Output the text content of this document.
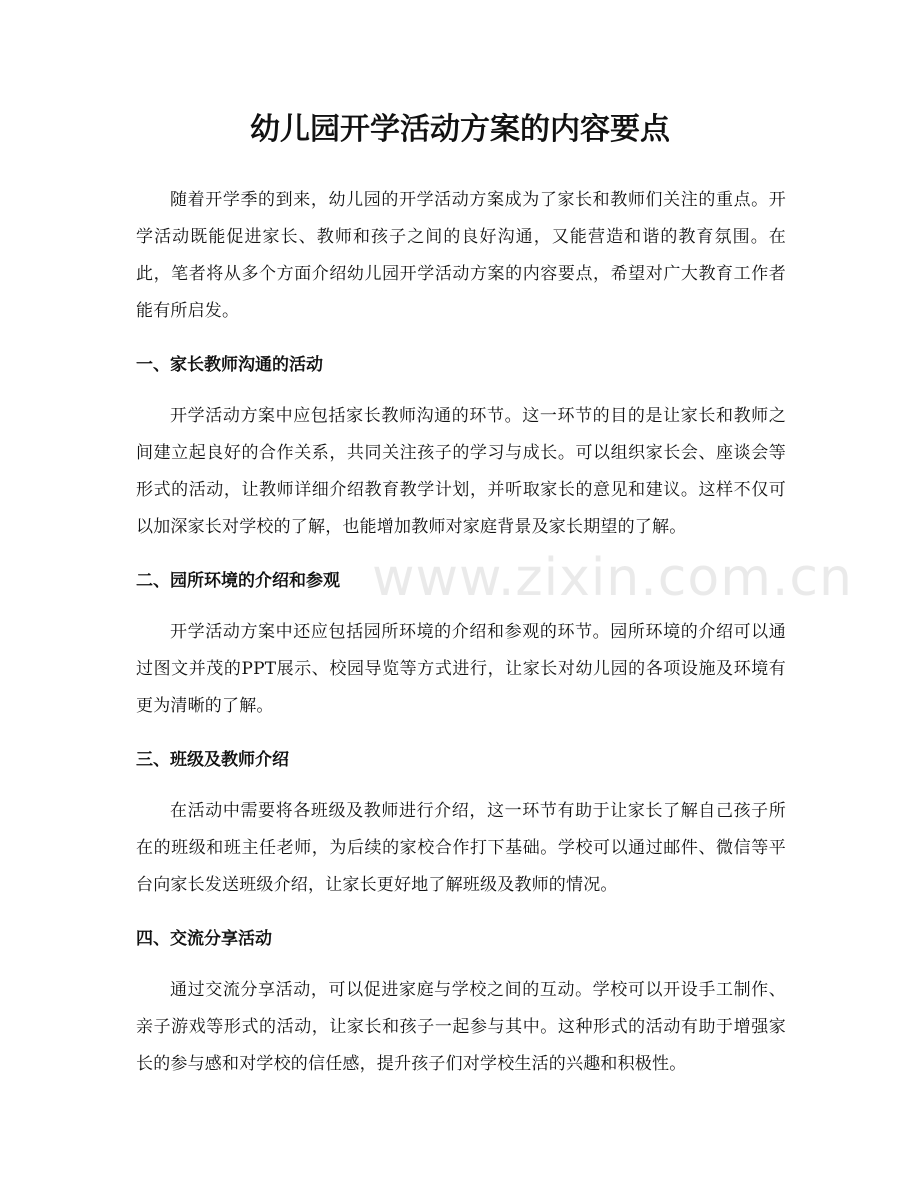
幼儿园开学活动方案的内容要点

随着开学季的到来，幼儿园的开学活动方案成为了家长和教师们关注的重点。开学活动既能促进家长、教师和孩子之间的良好沟通，又能营造和谐的教育氛围。在此，笔者将从多个方面介绍幼儿园开学活动方案的内容要点，希望对广大教育工作者能有所启发。

一、家长教师沟通的活动

开学活动方案中应包括家长教师沟通的环节。这一环节的目的是让家长和教师之间建立起良好的合作关系，共同关注孩子的学习与成长。可以组织家长会、座谈会等形式的活动，让教师详细介绍教育教学计划，并听取家长的意见和建议。这样不仅可以加深家长对学校的了解，也能增加教师对家庭背景及家长期望的了解。

二、园所环境的介绍和参观

开学活动方案中还应包括园所环境的介绍和参观的环节。园所环境的介绍可以通过图文并茂的PPT展示、校园导览等方式进行，让家长对幼儿园的各项设施及环境有更为清晰的了解。

三、班级及教师介绍

在活动中需要将各班级及教师进行介绍，这一环节有助于让家长了解自己孩子所在的班级和班主任老师，为后续的家校合作打下基础。学校可以通过邮件、微信等平台向家长发送班级介绍，让家长更好地了解班级及教师的情况。

四、交流分享活动

通过交流分享活动，可以促进家庭与学校之间的互动。学校可以开设手工制作、亲子游戏等形式的活动，让家长和孩子一起参与其中。这种形式的活动有助于增强家长的参与感和对学校的信任感，提升孩子们对学校生活的兴趣和积极性。

www.zixin.com.cn
